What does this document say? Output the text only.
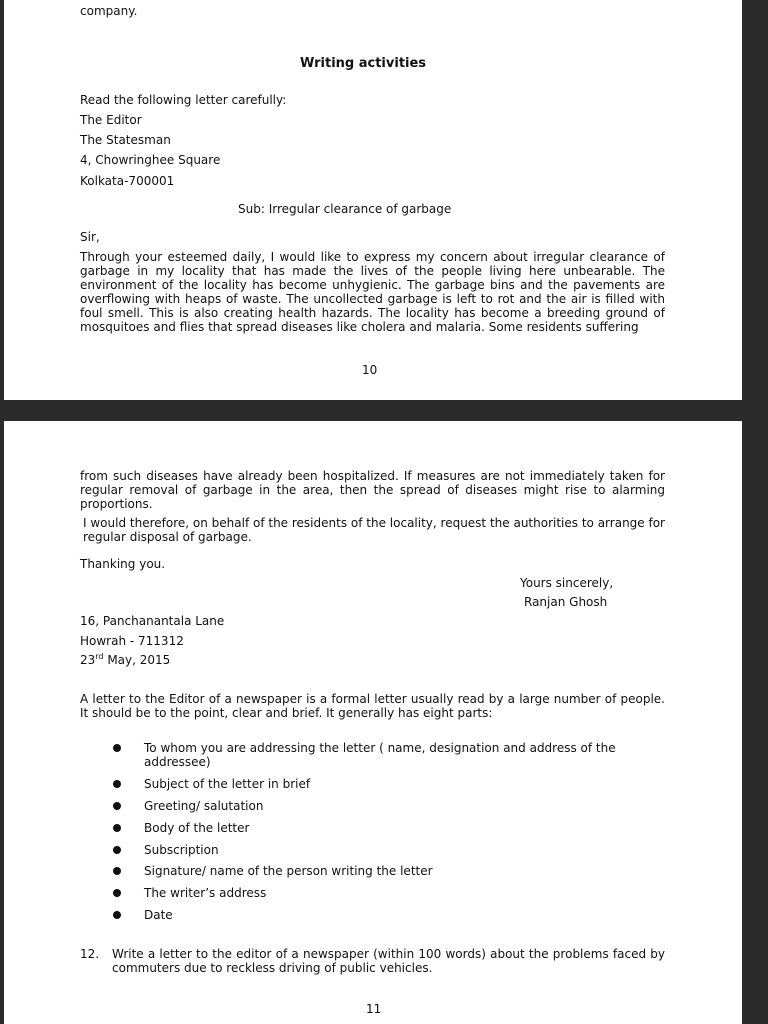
company.
Writing activities
Read the following letter carefully:
The Editor
The Statesman
4, Chowringhee Square
Kolkata-700001
Sub: Irregular clearance of garbage
Sir,

Through your esteemed daily, I would like to express my concern about irregular clearance of garbage in my locality that has made the lives of the people living here unbearable. The environment of the locality has become unhygienic. The garbage bins and the pavements are overflowing with heaps of waste. The uncollected garbage is left to rot and the air is filled with foul smell. This is also creating health hazards. The locality has become a breeding ground of mosquitoes and flies that spread diseases like cholera and malaria. Some residents suffering

10

from such diseases have already been hospitalized. If measures are not immediately taken for regular removal of garbage in the area, then the spread of diseases might rise to alarming proportions.

I would therefore, on behalf of the residents of the locality, request the authorities to arrange for regular disposal of garbage.

Thanking you.
Yours sincerely,
Ranjan Ghosh
16, Panchanantala Lane
Howrah - 711312
23rd May, 2015

A letter to the Editor of a newspaper is a formal letter usually read by a large number of people. It should be to the point, clear and brief. It generally has eight parts:

To whom you are addressing the letter ( name, designation and address of the addressee)
Subject of the letter in brief
Greeting/ salutation
Body of the letter
Subscription
Signature/ name of the person writing the letter
The writer’s address
Date
12. Write a letter to the editor of a newspaper (within 100 words) about the problems faced by commuters due to reckless driving of public vehicles.

11
